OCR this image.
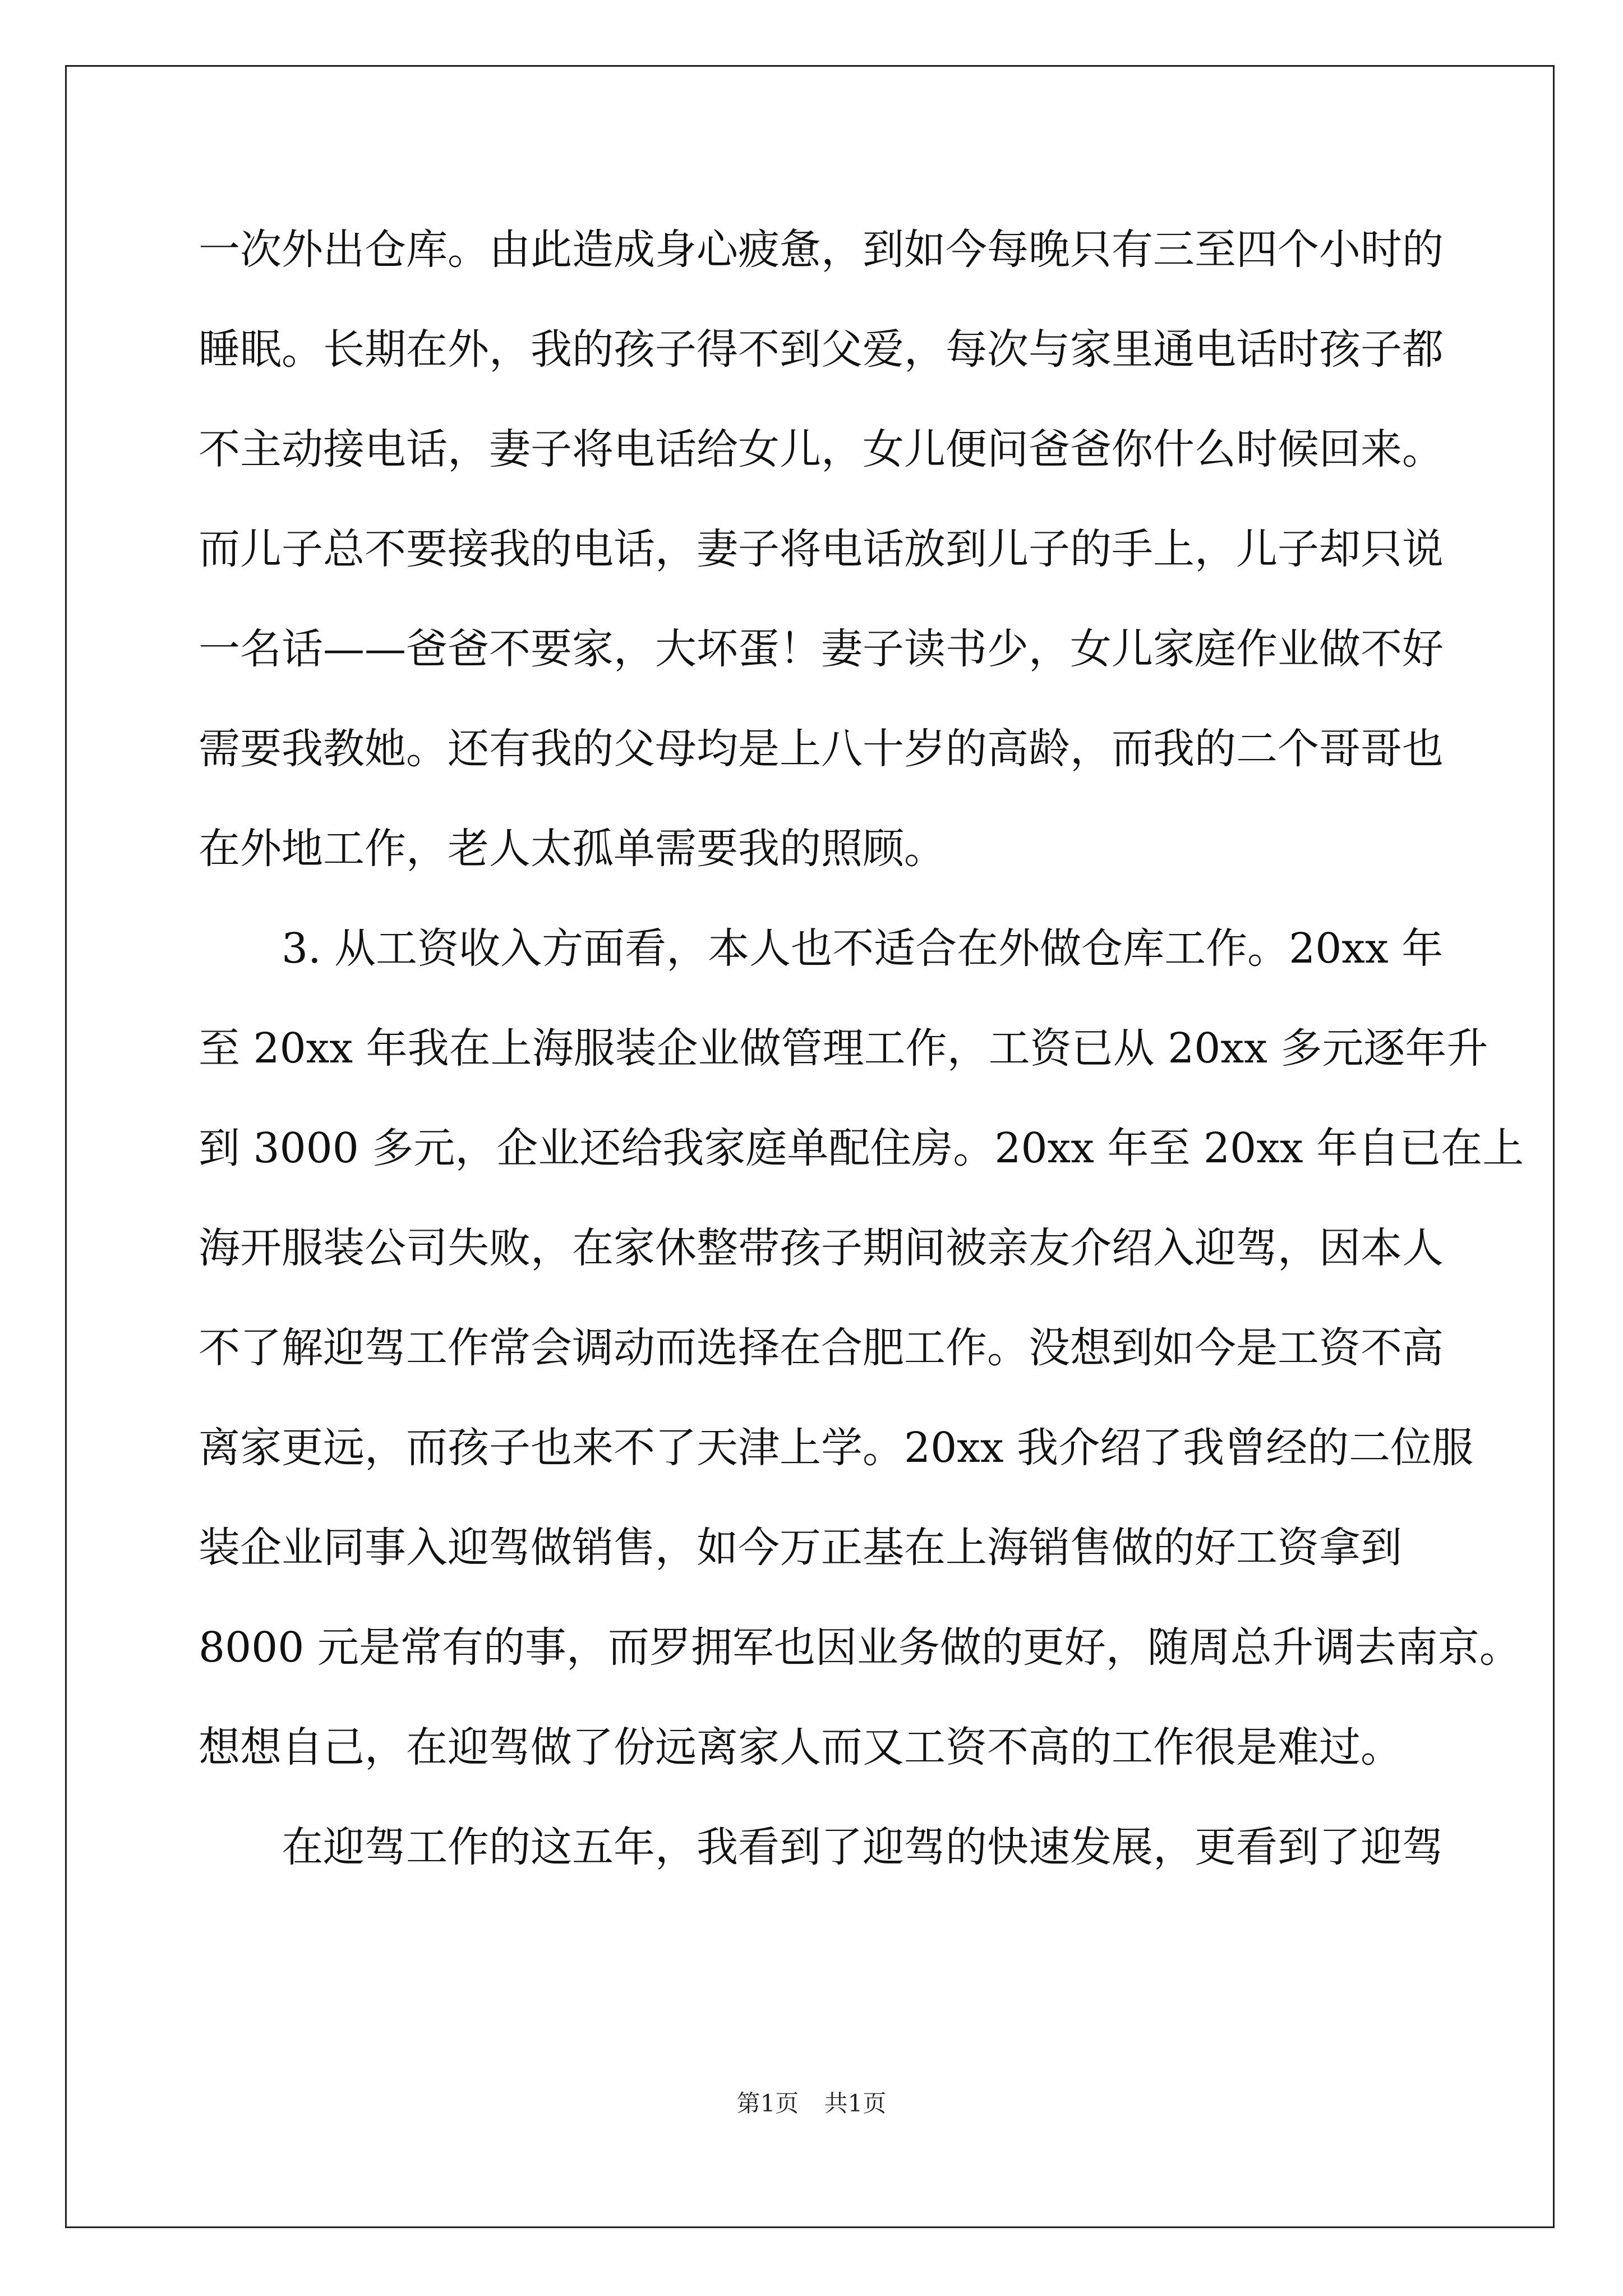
一次外出仓库。由此造成身心疲惫，到如今每晚只有三至四个小时的
睡眠。长期在外，我的孩子得不到父爱，每次与家里通电话时孩子都
不主动接电话，妻子将电话给女儿，女儿便问爸爸你什么时候回来。
而儿子总不要接我的电话，妻子将电话放到儿子的手上，儿子却只说
一名话——爸爸不要家，大坏蛋！妻子读书少，女儿家庭作业做不好
需要我教她。还有我的父母均是上八十岁的高龄，而我的二个哥哥也
在外地工作，老人太孤单需要我的照顾。
3. 从工资收入方面看，本人也不适合在外做仓库工作。20xx 年
至 20xx 年我在上海服装企业做管理工作，工资已从 20xx 多元逐年升
到 3000 多元，企业还给我家庭单配住房。20xx 年至 20xx 年自已在上
海开服装公司失败，在家休整带孩子期间被亲友介绍入迎驾，因本人
不了解迎驾工作常会调动而选择在合肥工作。没想到如今是工资不高
离家更远，而孩子也来不了天津上学。20xx 我介绍了我曾经的二位服
装企业同事入迎驾做销售，如今万正基在上海销售做的好工资拿到
8000 元是常有的事，而罗拥军也因业务做的更好，随周总升调去南京。
想想自己，在迎驾做了份远离家人而又工资不高的工作很是难过。
在迎驾工作的这五年，我看到了迎驾的快速发展，更看到了迎驾
第1页 共1页
